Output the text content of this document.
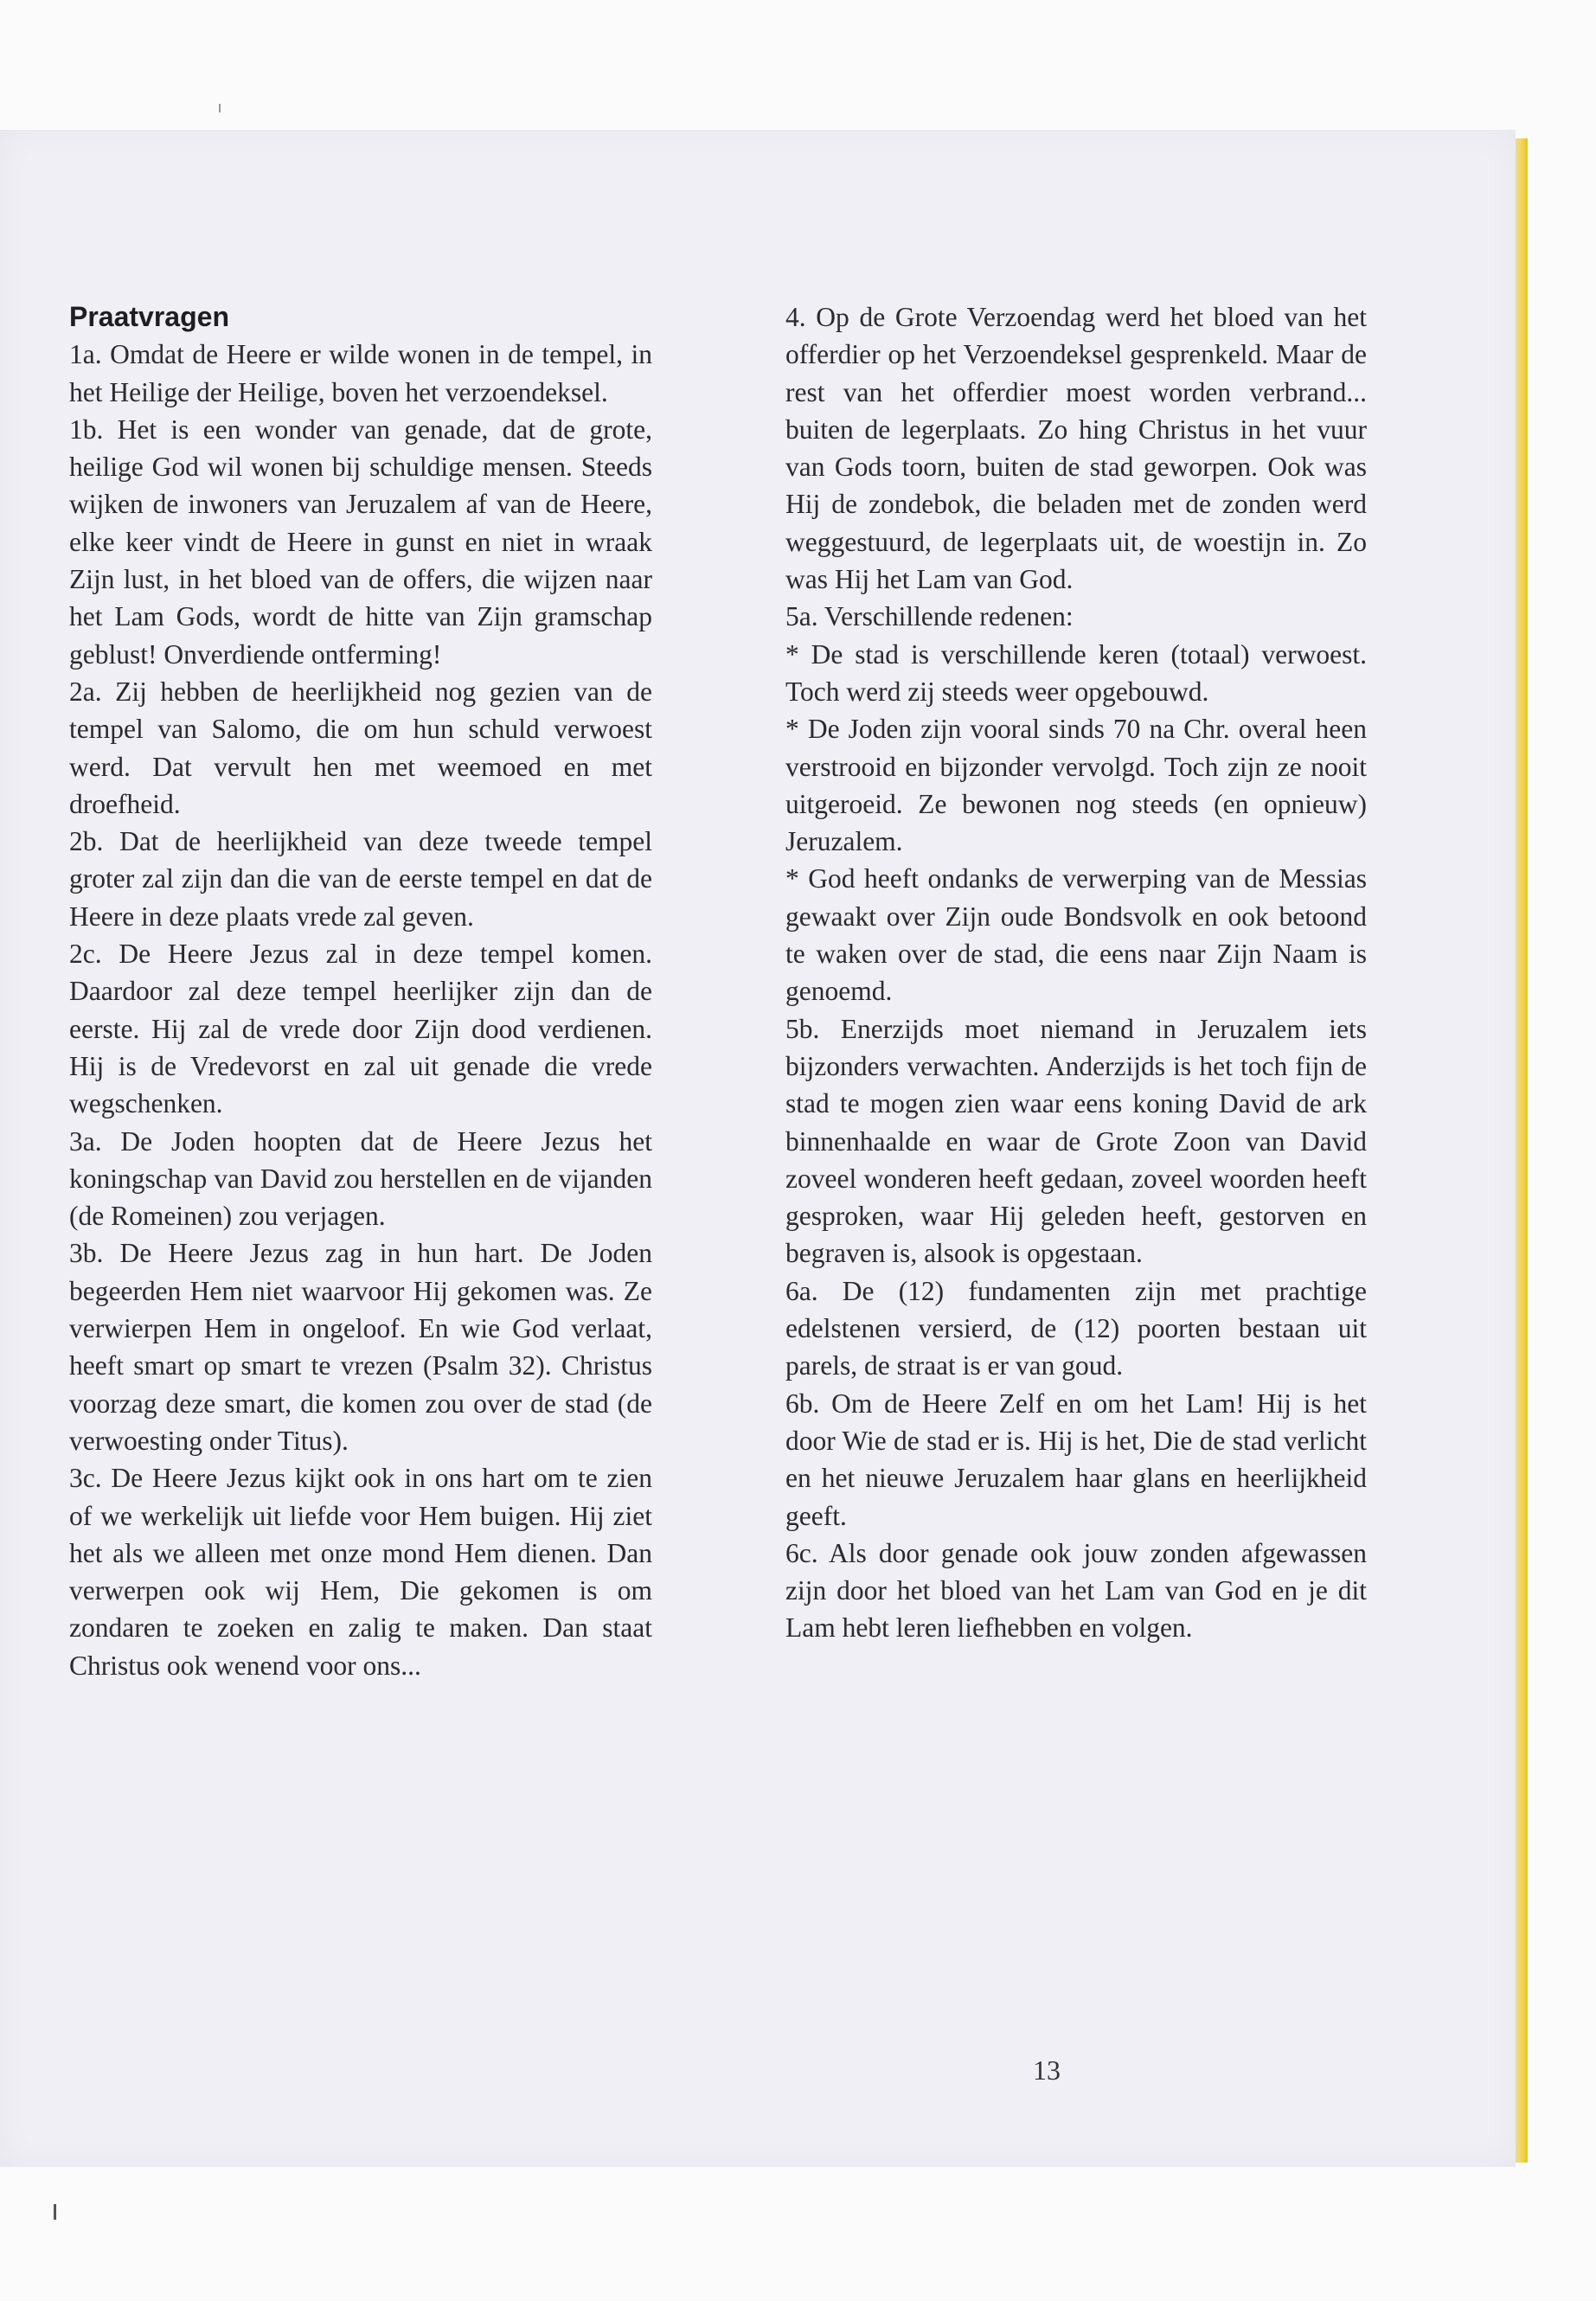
Praatvragen

1a. Omdat de Heere er wilde wonen in de tempel, in het Heilige der Heilige, boven het verzoendeksel.

1b. Het is een wonder van genade, dat de grote, heilige God wil wonen bij schuldige mensen. Steeds wijken de inwoners van Jeruzalem af van de Heere, elke keer vindt de Heere in gunst en niet in wraak Zijn lust, in het bloed van de offers, die wijzen naar het Lam Gods, wordt de hitte van Zijn gramschap geblust! Onverdiende ontferming!

2a. Zij hebben de heerlijkheid nog gezien van de tempel van Salomo, die om hun schuld verwoest werd. Dat vervult hen met weemoed en met droefheid.

2b. Dat de heerlijkheid van deze tweede tempel groter zal zijn dan die van de eerste tempel en dat de Heere in deze plaats vrede zal geven.

2c. De Heere Jezus zal in deze tempel komen. Daardoor zal deze tempel heerlijker zijn dan de eerste. Hij zal de vrede door Zijn dood verdienen. Hij is de Vredevorst en zal uit genade die vrede wegschenken.

3a. De Joden hoopten dat de Heere Jezus het koningschap van David zou herstellen en de vijanden (de Romeinen) zou verjagen.

3b. De Heere Jezus zag in hun hart. De Joden begeerden Hem niet waarvoor Hij gekomen was. Ze verwierpen Hem in ongeloof. En wie God verlaat, heeft smart op smart te vrezen (Psalm 32). Christus voorzag deze smart, die komen zou over de stad (de verwoesting onder Titus).

3c. De Heere Jezus kijkt ook in ons hart om te zien of we werkelijk uit liefde voor Hem buigen. Hij ziet het als we alleen met onze mond Hem dienen. Dan verwerpen ook wij Hem, Die gekomen is om zondaren te zoeken en zalig te maken. Dan staat Christus ook wenend voor ons...

4. Op de Grote Verzoendag werd het bloed van het offerdier op het Verzoendeksel gesprenkeld. Maar de rest van het offerdier moest worden verbrand... buiten de legerplaats. Zo hing Christus in het vuur van Gods toorn, buiten de stad geworpen. Ook was Hij de zondebok, die beladen met de zonden werd weggestuurd, de legerplaats uit, de woestijn in. Zo was Hij het Lam van God.

5a. Verschillende redenen:

* De stad is verschillende keren (totaal) verwoest. Toch werd zij steeds weer opgebouwd.

* De Joden zijn vooral sinds 70 na Chr. overal heen verstrooid en bijzonder vervolgd. Toch zijn ze nooit uitgeroeid. Ze bewonen nog steeds (en opnieuw) Jeruzalem.

* God heeft ondanks de verwerping van de Messias gewaakt over Zijn oude Bondsvolk en ook betoond te waken over de stad, die eens naar Zijn Naam is genoemd.

5b. Enerzijds moet niemand in Jeruzalem iets bijzonders verwachten. Anderzijds is het toch fijn de stad te mogen zien waar eens koning David de ark binnenhaalde en waar de Grote Zoon van David zoveel wonderen heeft gedaan, zoveel woorden heeft gesproken, waar Hij geleden heeft, gestorven en begraven is, alsook is opgestaan.

6a. De (12) fundamenten zijn met prachtige edelstenen versierd, de (12) poorten bestaan uit parels, de straat is er van goud.

6b. Om de Heere Zelf en om het Lam! Hij is het door Wie de stad er is. Hij is het, Die de stad verlicht en het nieuwe Jeruzalem haar glans en heerlijkheid geeft.

6c. Als door genade ook jouw zonden afgewassen zijn door het bloed van het Lam van God en je dit Lam hebt leren liefhebben en volgen.

13
